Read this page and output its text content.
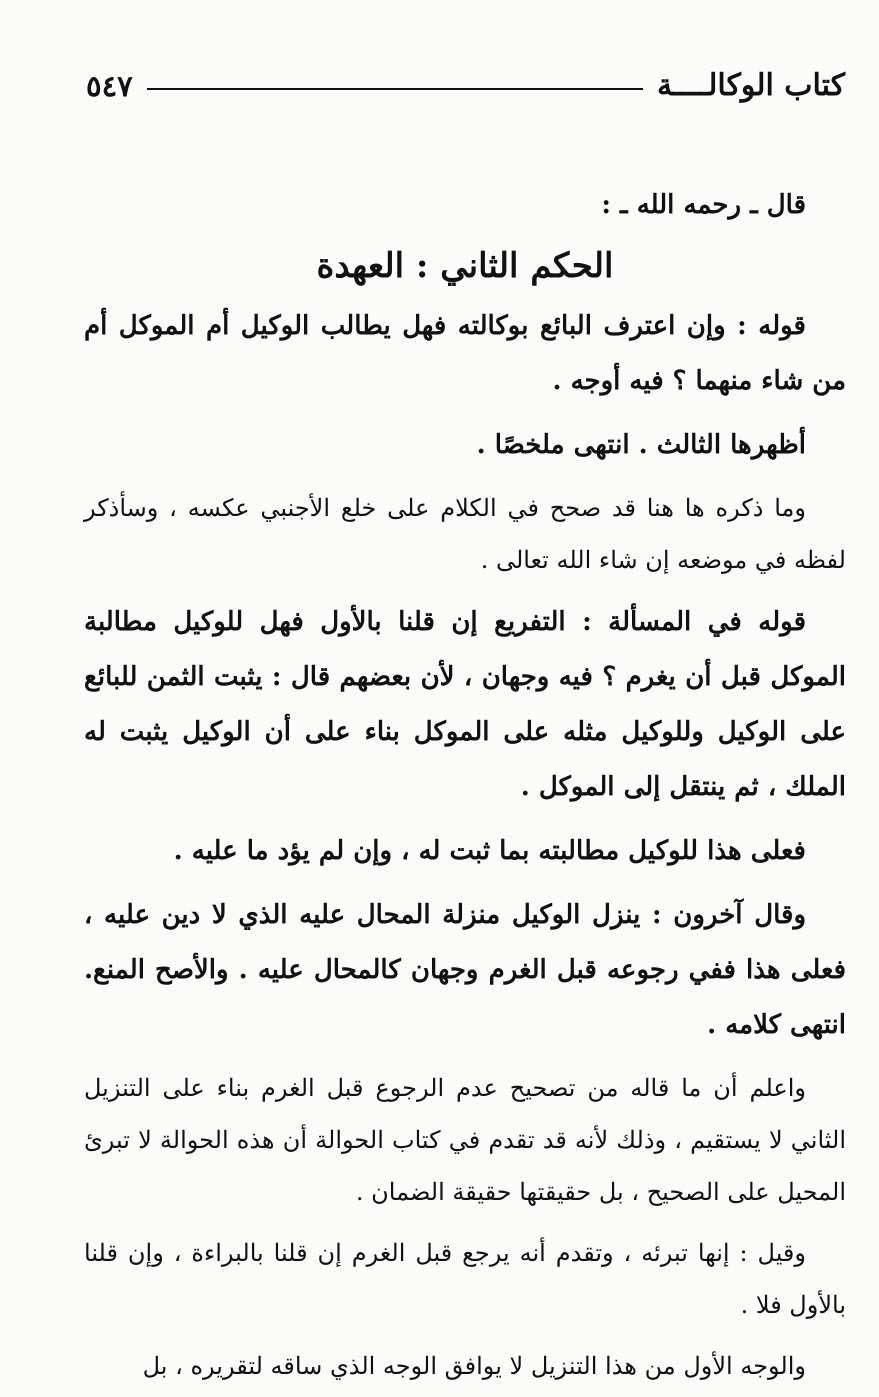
كتاب الوكالــــة
٥٤٧

قال ـ رحمه الله ـ :

الحكم الثاني : العهدة

قوله : وإن اعترف البائع بوكالته فهل يطالب الوكيل أم الموكل أم من شاء منهما ؟ فيه أوجه .

أظهرها الثالث . انتهى ملخصًا .

وما ذكره ها هنا قد صحح في الكلام على خلع الأجنبي عكسه ، وسأذكر لفظه في موضعه إن شاء الله تعالى .

قوله في المسألة : التفريع إن قلنا بالأول فهل للوكيل مطالبة الموكل قبل أن يغرم ؟ فيه وجهان ، لأن بعضهم قال : يثبت الثمن للبائع على الوكيل وللوكيل مثله على الموكل بناء على أن الوكيل يثبت له الملك ، ثم ينتقل إلى الموكل .

فعلى هذا للوكيل مطالبته بما ثبت له ، وإن لم يؤد ما عليه .

وقال آخرون : ينزل الوكيل منزلة المحال عليه الذي لا دين عليه ، فعلى هذا ففي رجوعه قبل الغرم وجهان كالمحال عليه . والأصح المنع. انتهى كلامه .

واعلم أن ما قاله من تصحيح عدم الرجوع قبل الغرم بناء على التنزيل الثاني لا يستقيم ، وذلك لأنه قد تقدم في كتاب الحوالة أن هذه الحوالة لا تبرئ المحيل على الصحيح ، بل حقيقتها حقيقة الضمان .

وقيل : إنها تبرئه ، وتقدم أنه يرجع قبل الغرم إن قلنا بالبراءة ، وإن قلنا بالأول فلا .

والوجه الأول من هذا التنزيل لا يوافق الوجه الذي ساقه لتقريره ، بل
